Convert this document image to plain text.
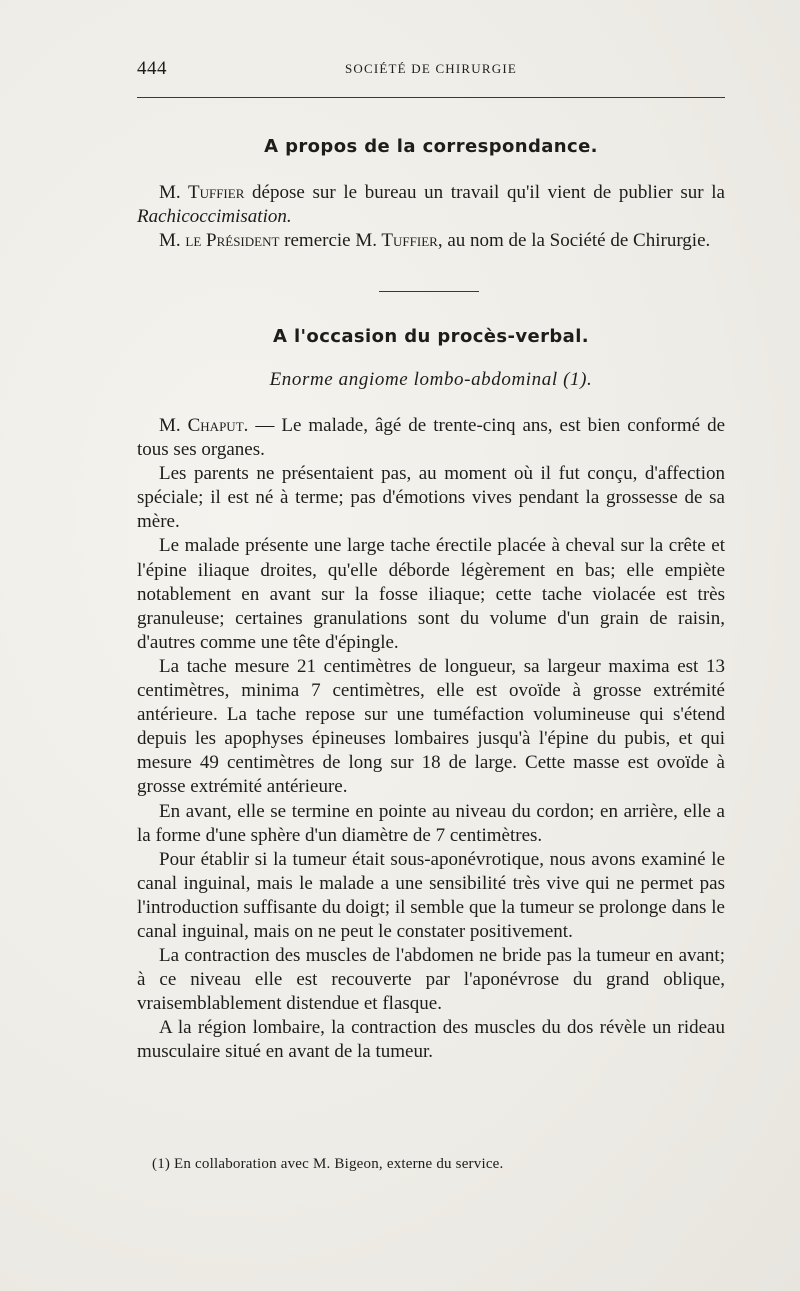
444	SOCIÉTÉ DE CHIRURGIE
A propos de la correspondance.

M. Tuffier dépose sur le bureau un travail qu'il vient de publier sur la Rachicoccimisation.

M. le Président remercie M. Tuffier, au nom de la Société de Chirurgie.

A l'occasion du procès-verbal.
Enorme angiome lombo-abdominal (1).

M. Chaput. — Le malade, âgé de trente-cinq ans, est bien conformé de tous ses organes.

Les parents ne présentaient pas, au moment où il fut conçu, d'affection spéciale; il est né à terme; pas d'émotions vives pendant la grossesse de sa mère.

Le malade présente une large tache érectile placée à cheval sur la crête et l'épine iliaque droites, qu'elle déborde légèrement en bas; elle empiète notablement en avant sur la fosse iliaque; cette tache violacée est très granuleuse; certaines granulations sont du volume d'un grain de raisin, d'autres comme une tête d'épingle.

La tache mesure 21 centimètres de longueur, sa largeur maxima est 13 centimètres, minima 7 centimètres, elle est ovoïde à grosse extrémité antérieure. La tache repose sur une tuméfaction volumineuse qui s'étend depuis les apophyses épineuses lombaires jusqu'à l'épine du pubis, et qui mesure 49 centimètres de long sur 18 de large. Cette masse est ovoïde à grosse extrémité antérieure.

En avant, elle se termine en pointe au niveau du cordon; en arrière, elle a la forme d'une sphère d'un diamètre de 7 centimètres.

Pour établir si la tumeur était sous-aponévrotique, nous avons examiné le canal inguinal, mais le malade a une sensibilité très vive qui ne permet pas l'introduction suffisante du doigt; il semble que la tumeur se prolonge dans le canal inguinal, mais on ne peut le constater positivement.

La contraction des muscles de l'abdomen ne bride pas la tumeur en avant; à ce niveau elle est recouverte par l'aponévrose du grand oblique, vraisemblablement distendue et flasque.

A la région lombaire, la contraction des muscles du dos révèle un rideau musculaire situé en avant de la tumeur.

(1) En collaboration avec M. Bigeon, externe du service.
